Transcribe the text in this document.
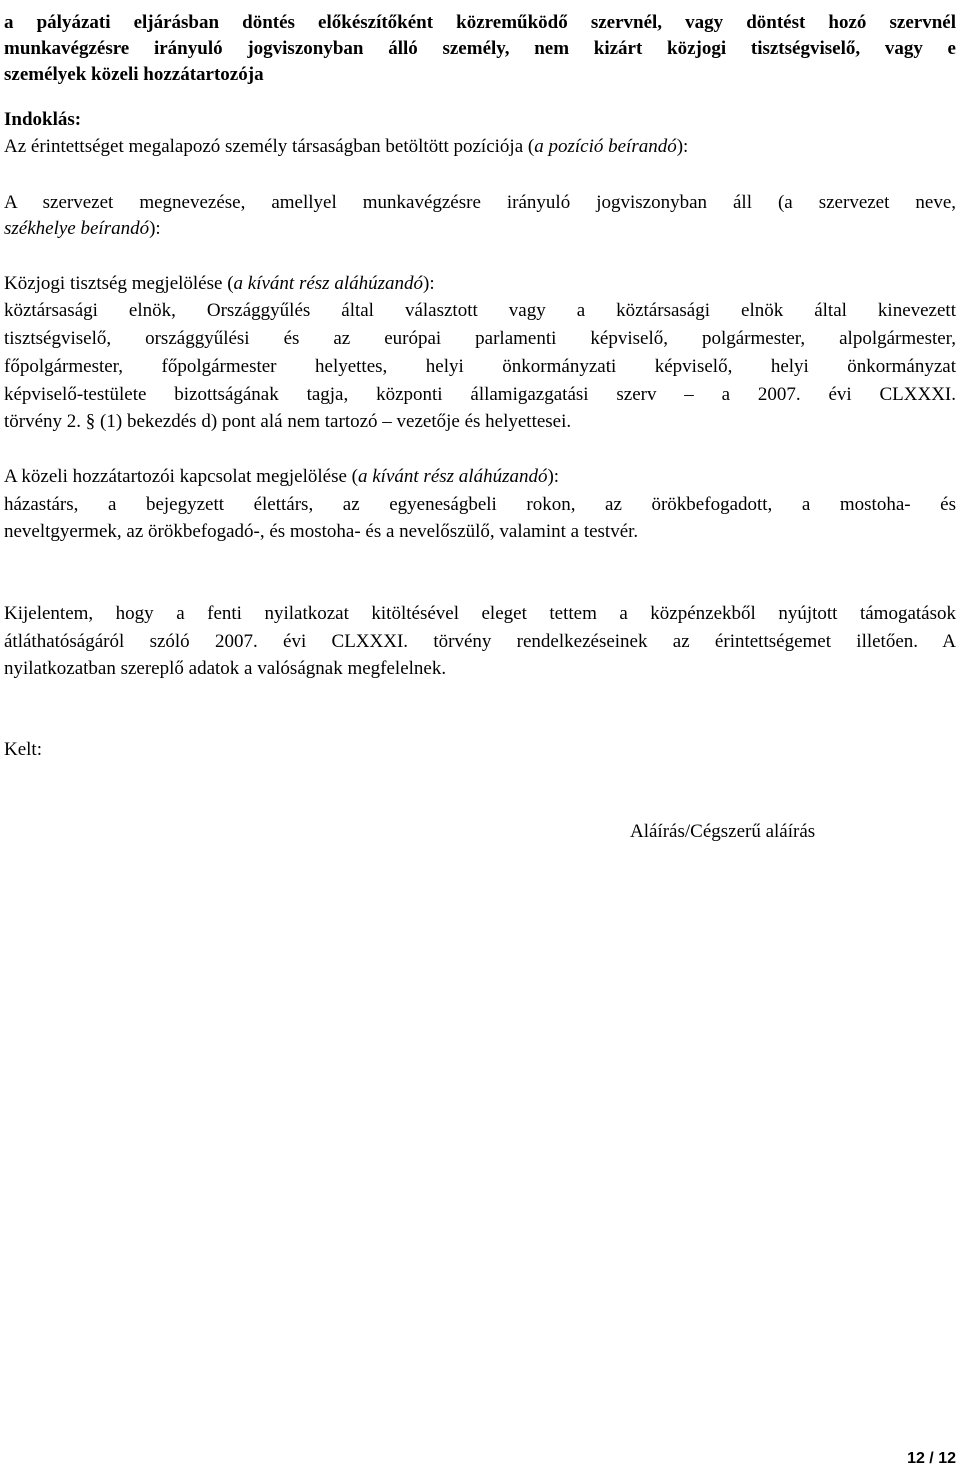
a pályázati eljárásban döntés előkészítőként közreműködő szervnél, vagy döntést hozó szervnél
munkavégzésre irányuló jogviszonyban álló személy, nem kizárt közjogi tisztségviselő, vagy e
személyek közeli hozzátartozója
Indoklás:
Az érintettséget megalapozó személy társaságban betöltött pozíciója (a pozíció beírandó):
A szervezet megnevezése, amellyel munkavégzésre irányuló jogviszonyban áll (a szervezet neve,
székhelye beírandó):
Közjogi tisztség megjelölése (a kívánt rész aláhúzandó):
köztársasági elnök, Országgyűlés által választott vagy a köztársasági elnök által kinevezett
tisztségviselő, országgyűlési és az európai parlamenti képviselő, polgármester, alpolgármester,
főpolgármester, főpolgármester helyettes, helyi önkormányzati képviselő, helyi önkormányzat
képviselő-testülete bizottságának tagja, központi államigazgatási szerv – a 2007. évi CLXXXI.
törvény 2. § (1) bekezdés d) pont alá nem tartozó – vezetője és helyettesei.
A közeli hozzátartozói kapcsolat megjelölése (a kívánt rész aláhúzandó):
házastárs, a bejegyzett élettárs, az egyeneságbeli rokon, az örökbefogadott, a mostoha- és
neveltgyermek, az örökbefogadó-, és mostoha- és a nevelőszülő, valamint a testvér.
Kijelentem, hogy a fenti nyilatkozat kitöltésével eleget tettem a közpénzekből nyújtott támogatások
átláthatóságáról szóló 2007. évi CLXXXI. törvény rendelkezéseinek az érintettségemet illetően. A
nyilatkozatban szereplő adatok a valóságnak megfelelnek.
Kelt:
Aláírás/Cégszerű aláírás
12 / 12
